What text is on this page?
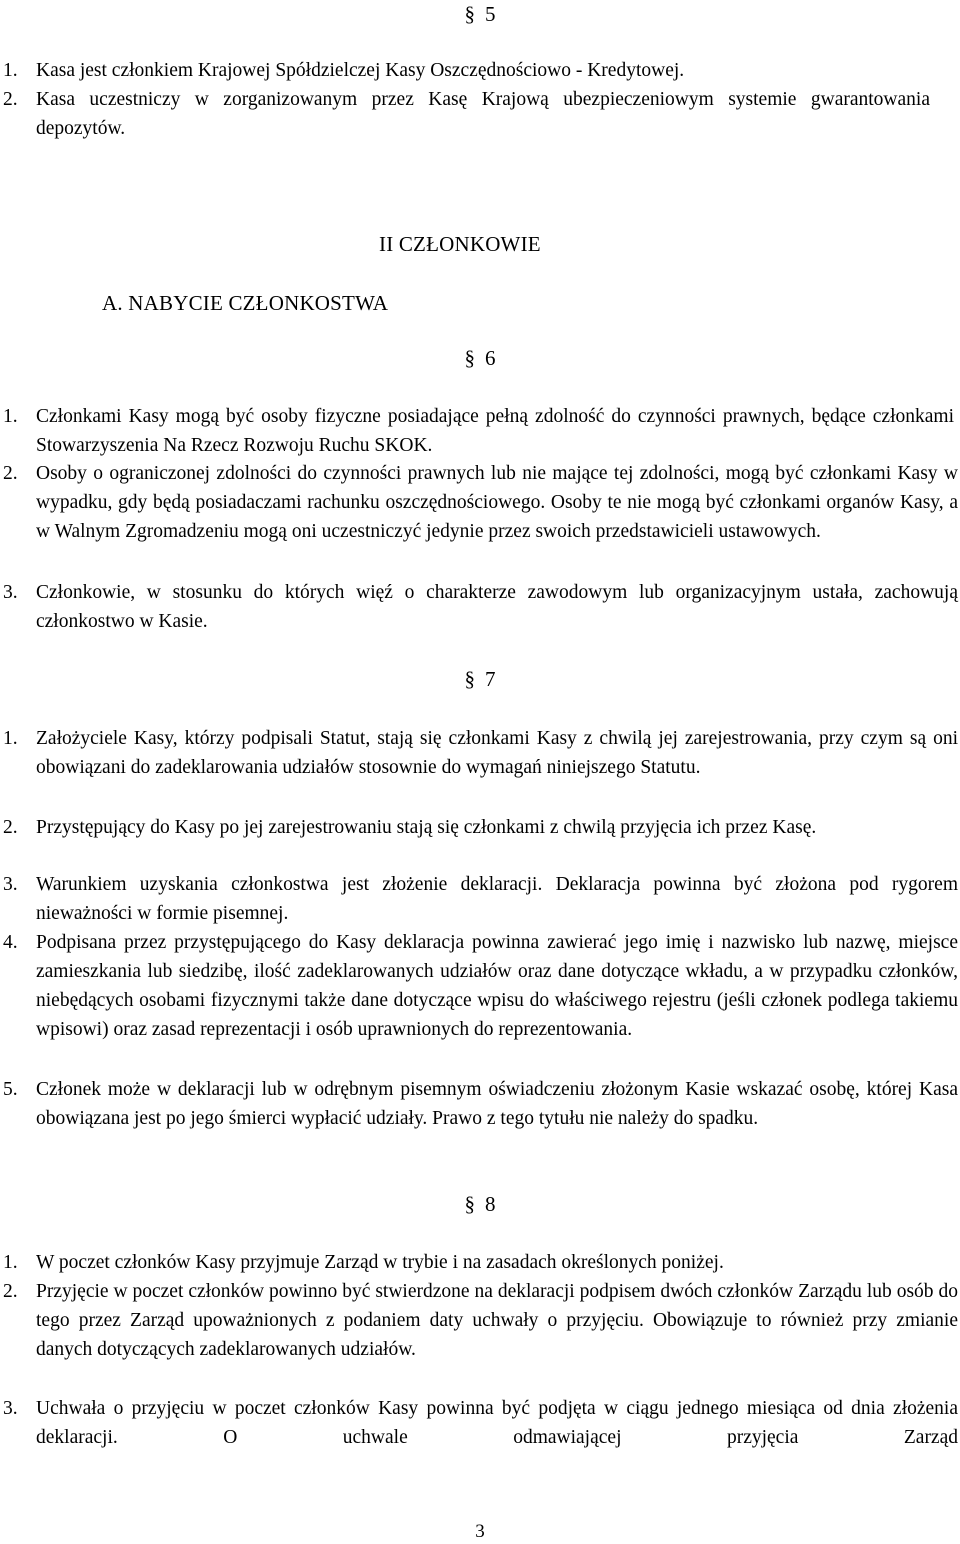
§ 5
1. Kasa jest członkiem Krajowej Spółdzielczej Kasy Oszczędnościowo - Kredytowej.
2. Kasa uczestniczy w zorganizowanym przez Kasę Krajową ubezpieczeniowym systemie gwarantowania depozytów.
II CZŁONKOWIE
A. NABYCIE CZŁONKOSTWA
§ 6
1. Członkami Kasy mogą być osoby fizyczne posiadające pełną zdolność do czynności prawnych, będące członkami Stowarzyszenia Na Rzecz Rozwoju Ruchu SKOK.
2. Osoby o ograniczonej zdolności do czynności prawnych lub nie mające tej zdolności, mogą być członkami Kasy w wypadku, gdy będą posiadaczami rachunku oszczędnościowego. Osoby te nie mogą być członkami organów Kasy, a w Walnym Zgromadzeniu mogą oni uczestniczyć jedynie przez swoich przedstawicieli ustawowych.
3. Członkowie, w stosunku do których więź o charakterze zawodowym lub organizacyjnym ustała, zachowują członkostwo w Kasie.
§ 7
1. Założyciele Kasy, którzy podpisali Statut, stają się członkami Kasy z chwilą jej zarejestrowania, przy czym są oni obowiązani do zadeklarowania udziałów stosownie do wymagań niniejszego Statutu.
2. Przystępujący do Kasy po jej zarejestrowaniu stają się członkami z chwilą przyjęcia ich przez Kasę.
3. Warunkiem uzyskania członkostwa jest złożenie deklaracji. Deklaracja powinna być złożona pod rygorem nieważności w formie pisemnej.
4. Podpisana przez przystępującego do Kasy deklaracja powinna zawierać jego imię i nazwisko lub nazwę, miejsce zamieszkania lub siedzibę, ilość zadeklarowanych udziałów oraz dane dotyczące wkładu, a w przypadku członków, niebędących osobami fizycznymi także dane dotyczące wpisu do właściwego rejestru (jeśli członek podlega takiemu wpisowi) oraz zasad reprezentacji i osób uprawnionych do reprezentowania.
5. Członek może w deklaracji lub w odrębnym pisemnym oświadczeniu złożonym Kasie wskazać osobę, której Kasa obowiązana jest po jego śmierci wypłacić udziały. Prawo z tego tytułu nie należy do spadku.
§ 8
1. W poczet członków Kasy przyjmuje Zarząd w trybie i na zasadach określonych poniżej.
2. Przyjęcie w poczet członków powinno być stwierdzone na deklaracji podpisem dwóch członków Zarządu lub osób do tego przez Zarząd upoważnionych z podaniem daty uchwały o przyjęciu. Obowiązuje to również przy zmianie danych dotyczących zadeklarowanych udziałów.
3. Uchwała o przyjęciu w poczet członków Kasy powinna być podjęta w ciągu jednego miesiąca od dnia złożenia deklaracji. O uchwale odmawiającej przyjęcia Zarząd
3
